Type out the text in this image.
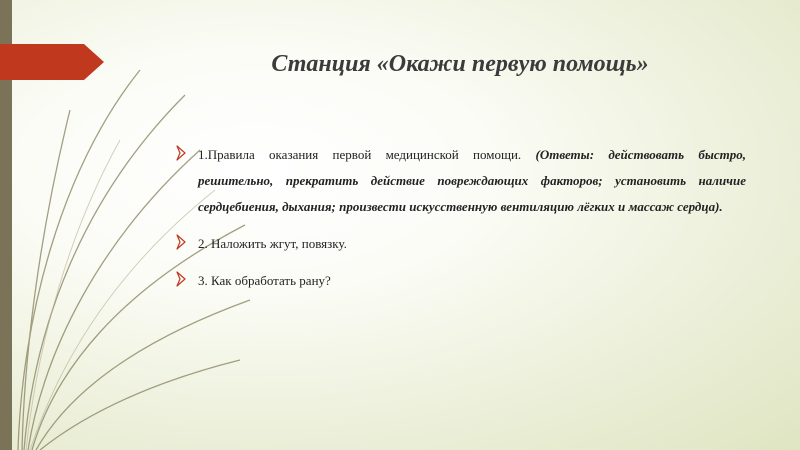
Станция «Окажи первую помощь»
1.Правила оказания первой медицинской помощи. (Ответы: действовать быстро, решительно, прекратить действие повреждающих факторов; установить наличие сердцебиения, дыхания; произвести искусственную вентиляцию лёгких и массаж сердца).
2. Наложить жгут, повязку.
3. Как обработать рану?
